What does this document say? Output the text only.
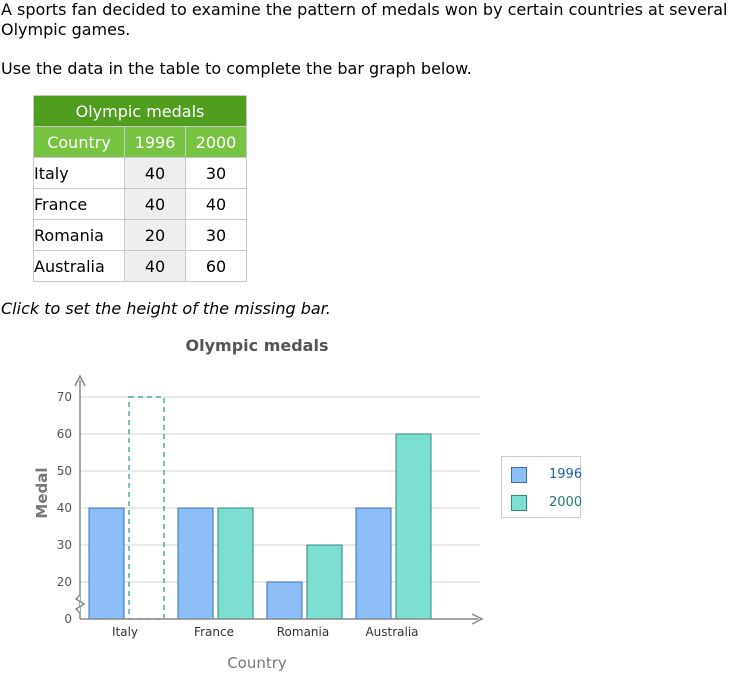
A sports fan decided to examine the pattern of medals won by certain countries at several Olympic games.

Use the data in the table to complete the bar graph below.

Olympic medals		
Country	1996	2000
Italy	40	30
France	40	40
Romania	20	30
Australia	40	60

Click to set the height of the missing bar.

Olympic medals
0
20
30
40
50
60
70
Italy	France	Romania	Australia
Medal
Country
1996
2000
